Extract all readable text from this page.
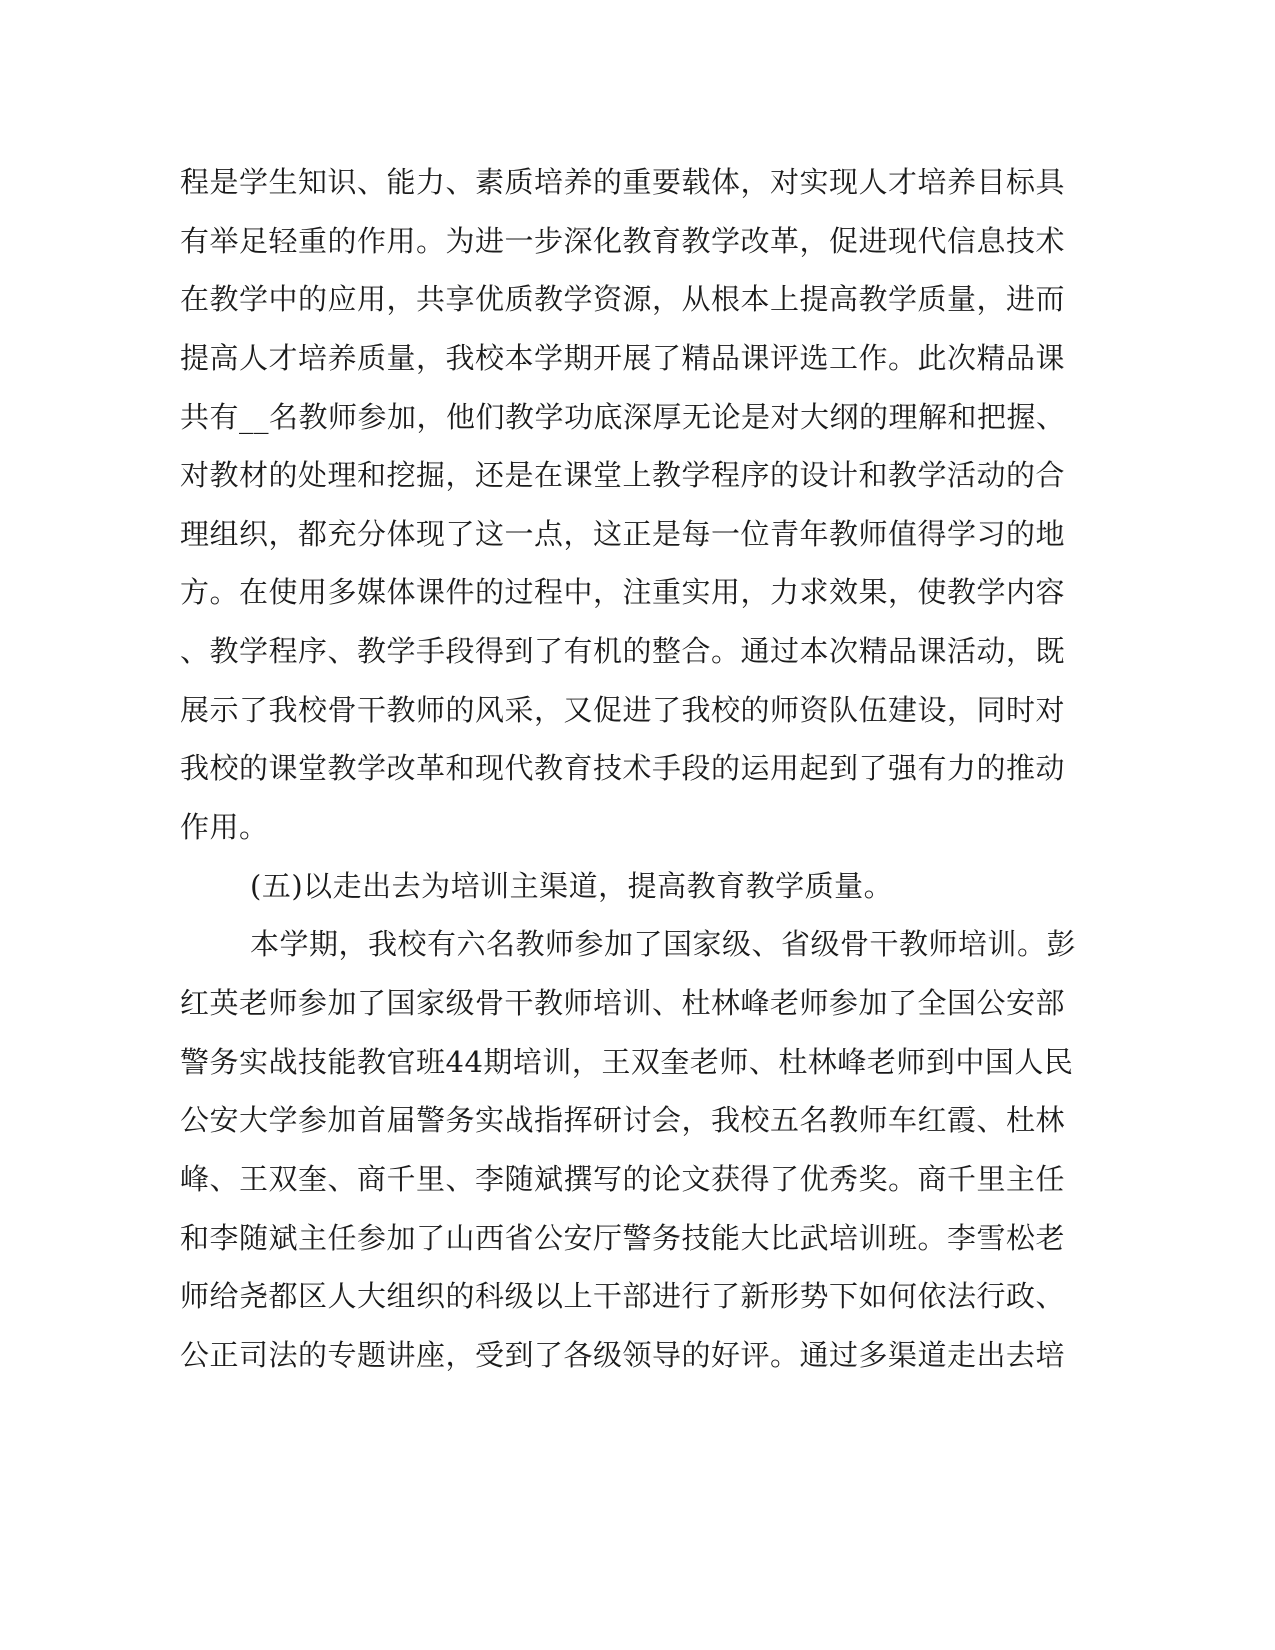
程是学生知识、能力、素质培养的重要载体，对实现人才培养目标具

有举足轻重的作用。为进一步深化教育教学改革，促进现代信息技术

在教学中的应用，共享优质教学资源，从根本上提高教学质量，进而

提高人才培养质量，我校本学期开展了精品课评选工作。此次精品课

共有__名教师参加，他们教学功底深厚无论是对大纲的理解和把握、

对教材的处理和挖掘，还是在课堂上教学程序的设计和教学活动的合

理组织，都充分体现了这一点，这正是每一位青年教师值得学习的地

方。在使用多媒体课件的过程中，注重实用，力求效果，使教学内容

、教学程序、教学手段得到了有机的整合。通过本次精品课活动，既

展示了我校骨干教师的风采，又促进了我校的师资队伍建设，同时对

我校的课堂教学改革和现代教育技术手段的运用起到了强有力的推动

作用。

(五)以走出去为培训主渠道，提高教育教学质量。

本学期，我校有六名教师参加了国家级、省级骨干教师培训。彭

红英老师参加了国家级骨干教师培训、杜林峰老师参加了全国公安部

警务实战技能教官班44期培训，王双奎老师、杜林峰老师到中国人民

公安大学参加首届警务实战指挥研讨会，我校五名教师车红霞、杜林

峰、王双奎、商千里、李随斌撰写的论文获得了优秀奖。商千里主任

和李随斌主任参加了山西省公安厅警务技能大比武培训班。李雪松老

师给尧都区人大组织的科级以上干部进行了新形势下如何依法行政、

公正司法的专题讲座，受到了各级领导的好评。通过多渠道走出去培
